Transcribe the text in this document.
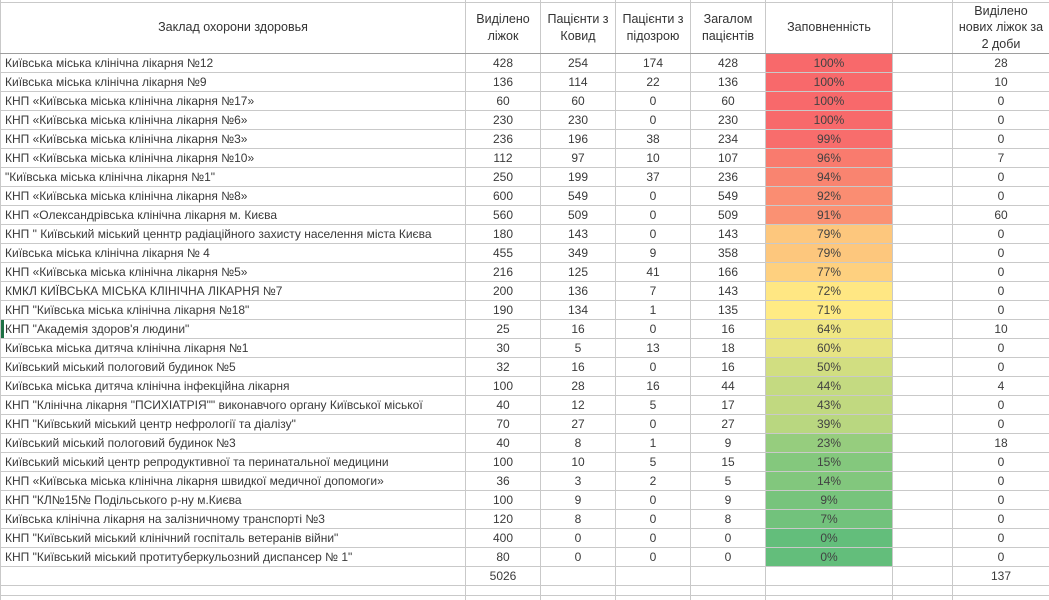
Заклад охорони здоровья	Виділено ліжок	Пацієнти з Ковид	Пацієнти з підозрою	Загалом пацієнтів	Заповненність		Виділено нових ліжок за 2 доби
Київська міська клінічна лікарня №12	428	254	174	428	100%		28
Київська міська клінічна лікарня №9	136	114	22	136	100%		10
КНП «Київська міська клінічна лікарня №17»	60	60	0	60	100%		0
КНП «Київська міська клінічна лікарня №6»	230	230	0	230	100%		0
КНП «Київська міська клінічна лікарня №3»	236	196	38	234	99%		0
КНП «Київська міська клінічна лікарня №10»	112	97	10	107	96%		7
"Київська міська клінічна лікарня №1"	250	199	37	236	94%		0
КНП «Київська міська клінічна лікарня №8»	600	549	0	549	92%		0
КНП «Олександрівська клінічна лікарня м. Києва	560	509	0	509	91%		60
КНП " Київський міський ценнтр радіаційного захисту населення міста Києва	180	143	0	143	79%		0
Київська міська клінічна лікарня № 4	455	349	9	358	79%		0
КНП «Київська міська клінічна лікарня №5»	216	125	41	166	77%		0
КМКЛ КИЇВСЬКА МІСЬКА КЛІНІЧНА ЛІКАРНЯ №7	200	136	7	143	72%		0
КНП "Київська міська клінічна лікарня №18"	190	134	1	135	71%		0
КНП "Академія здоров'я людини"	25	16	0	16	64%		10
Київська міська дитяча клінічна лікарня №1	30	5	13	18	60%		0
Київський міський пологовий будинок №5	32	16	0	16	50%		0
Київська міська дитяча клінічна інфекційна лікарня	100	28	16	44	44%		4
КНП "Клінічна лікарня "ПСИХІАТРІЯ"" виконавчого органу Київської міської	40	12	5	17	43%		0
КНП "Київський міський центр нефрології та діалізу"	70	27	0	27	39%		0
Київський міський пологовий будинок №3	40	8	1	9	23%		18
Київський міський центр репродуктивної та перинатальної медицини	100	10	5	15	15%		0
КНП «Київська міська клінічна лікарня швидкої медичної допомоги»	36	3	2	5	14%		0
КНП "КЛ№15№ Подільського р-ну м.Києва	100	9	0	9	9%		0
Київська клінічна лікарня на залізничному транспорті №3	120	8	0	8	7%		0
КНП "Київський міський клінічний госпіталь ветеранів війни"	400	0	0	0	0%		0
КНП "Київський міський протитуберкульозний диспансер № 1"	80	0	0	0	0%		0
	5026						137
